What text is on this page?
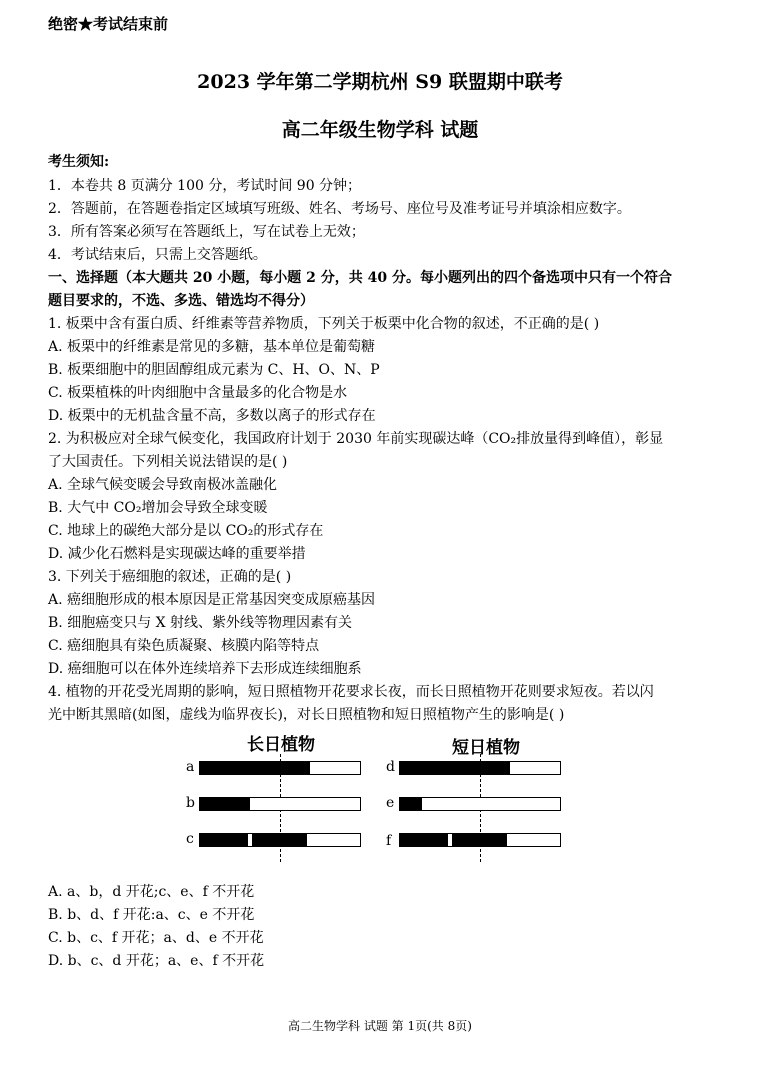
绝密★考试结束前
2023 学年第二学期杭州 S9 联盟期中联考
高二年级生物学科 试题
考生须知:
1．本卷共 8 页满分 100 分，考试时间 90 分钟；
2．答题前，在答题卷指定区域填写班级、姓名、考场号、座位号及准考证号并填涂相应数字。
3．所有答案必须写在答题纸上，写在试卷上无效；
4．考试结束后，只需上交答题纸。
一、选择题（本大题共 20 小题，每小题 2 分，共 40 分。每小题列出的四个备选项中只有一个符合
题目要求的，不选、多选、错选均不得分）
1. 板栗中含有蛋白质、纤维素等营养物质，下列关于板栗中化合物的叙述，不正确的是( )
A. 板栗中的纤维素是常见的多糖，基本单位是葡萄糖
B. 板栗细胞中的胆固醇组成元素为 C、H、O、N、P
C. 板栗植株的叶肉细胞中含量最多的化合物是水
D. 板栗中的无机盐含量不高，多数以离子的形式存在
2. 为积极应对全球气候变化，我国政府计划于 2030 年前实现碳达峰（CO₂排放量得到峰值），彰显
了大国责任。下列相关说法错误的是( )
A. 全球气候变暖会导致南极冰盖融化
B. 大气中 CO₂增加会导致全球变暖
C. 地球上的碳绝大部分是以 CO₂的形式存在
D. 减少化石燃料是实现碳达峰的重要举措
3. 下列关于癌细胞的叙述，正确的是( )
A. 癌细胞形成的根本原因是正常基因突变成原癌基因
B. 细胞癌变只与 X 射线、紫外线等物理因素有关
C. 癌细胞具有染色质凝聚、核膜内陷等特点
D. 癌细胞可以在体外连续培养下去形成连续细胞系
4. 植物的开花受光周期的影响，短日照植物开花要求长夜，而长日照植物开花则要求短夜。若以闪
光中断其黑暗(如图，虚线为临界夜长)，对长日照植物和短日照植物产生的影响是( )
长日植物	短日植物
a
b
c
d
e
f
A. a、b，d 开花;c、e、f 不开花
B. b、d、f 开花:a、c、e 不开花
C. b、c、f 开花；a、d、e 不开花
D. b、c、d 开花；a、e、f 不开花
高二生物学科 试题 第 1页(共 8页)
